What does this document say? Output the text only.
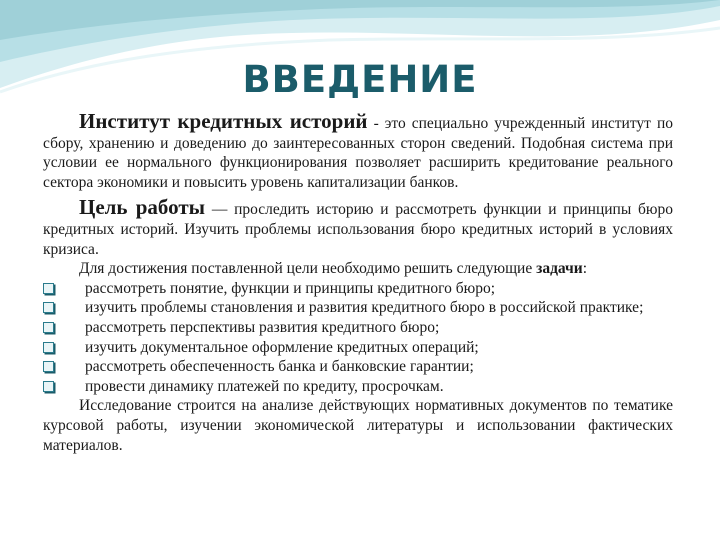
ВВЕДЕНИЕ

Институт кредитных историй - это специально учрежденный институт по сбору, хранению и доведению до заинтересованных сторон сведений. Подобная система при условии ее нормального функционирования позволяет расширить кредитование реального сектора экономики и повысить уровень капитализации банков.

Цель работы — проследить историю и рассмотреть функции и принципы бюро кредитных историй. Изучить проблемы использования бюро кредитных историй в условиях кризиса.

Для достижения поставленной цели необходимо решить следующие задачи:

рассмотреть понятие, функции и принципы кредитного бюро;
изучить проблемы становления и развития кредитного бюро в российской практике;
рассмотреть перспективы развития кредитного бюро;
изучить документальное оформление кредитных операций;
рассмотреть обеспеченность банка и банковские гарантии;
провести динамику платежей по кредиту, просрочкам.

Исследование строится на анализе действующих нормативных документов по тематике курсовой работы, изучении экономической литературы и использовании фактических материалов.
